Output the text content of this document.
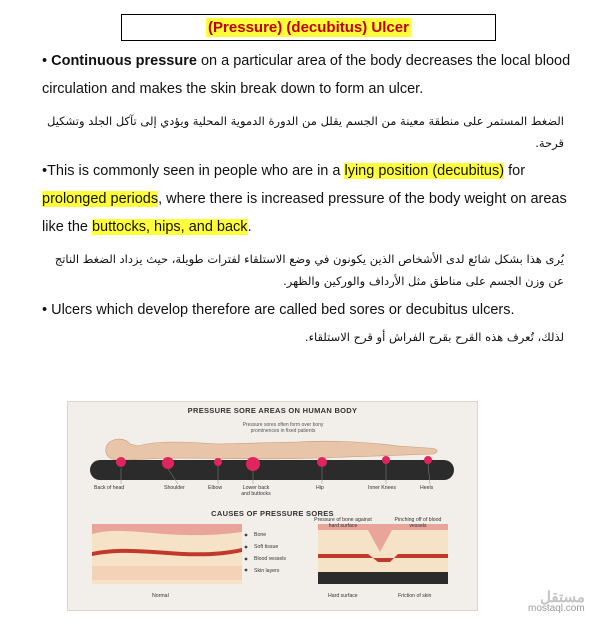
(Pressure) (decubitus) Ulcer
• Continuous pressure on a particular area of the body decreases the local blood circulation and makes the skin break down to form an ulcer.
الضغط المستمر على منطقة معينة من الجسم يقلل من الدورة الدموية المحلية ويؤدي إلى تآكل الجلد وتشكيل قرحة.
•This is commonly seen in people who are in a lying position (decubitus) for prolonged periods, where there is increased pressure of the body weight on areas like the buttocks, hips, and back.
يُرى هذا بشكل شائع لدى الأشخاص الذين يكونون في وضع الاستلقاء لفترات طويلة، حيث يزداد الضغط الناتج عن وزن الجسم على مناطق مثل الأرداف والوركين والظهر.
• Ulcers which develop therefore are called bed sores or decubitus ulcers.
لذلك، تُعرف هذه القرح بقرح الفراش أو قرح الاستلقاء.
PRESSURE SORE AREAS ON HUMAN BODY
Pressure sores often form over bony prominences in fixed patients
Back of head	Shoulder	Elbow	Lower back and buttocks
Hip	Inner Knees	Heels
CAUSES OF PRESSURE SORES
Bone
Soft tissue
Blood vessels
Skin layers
Pressure of bone against hard surface
Pinching off of blood vessels
Normal	Hard surface	Friction of skin	مستقل
mostaql.com
